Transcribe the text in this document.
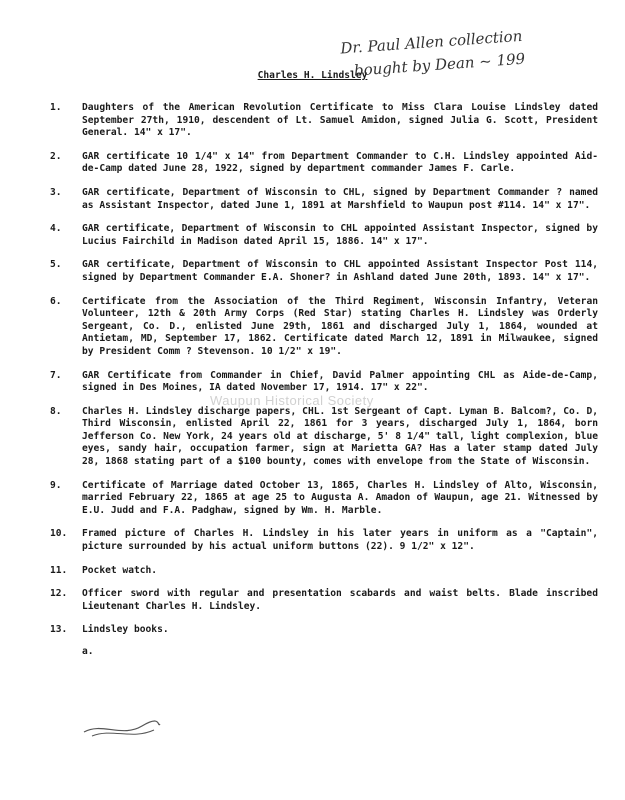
Dr. Paul Allen collection
bought by Dean ~ 199
Charles H. Lindsley
1.	Daughters of the American Revolution Certificate to Miss Clara Louise Lindsley dated September 27th, 1910, descendent of Lt. Samuel Amidon, signed Julia G. Scott, President General. 14" x 17".
2.	GAR certificate 10 1/4" x 14" from Department Commander to C.H. Lindsley appointed Aid-de-Camp dated June 28, 1922, signed by department commander James F. Carle.
3.	GAR certificate, Department of Wisconsin to CHL, signed by Department Commander ? named as Assistant Inspector, dated June 1, 1891 at Marshfield to Waupun post #114. 14" x 17".
4.	GAR certificate, Department of Wisconsin to CHL appointed Assistant Inspector, signed by Lucius Fairchild in Madison dated April 15, 1886. 14" x 17".
5.	GAR certificate, Department of Wisconsin to CHL appointed Assistant Inspector Post 114, signed by Department Commander E.A. Shoner? in Ashland dated June 20th, 1893. 14" x 17".
6.	Certificate from the Association of the Third Regiment, Wisconsin Infantry, Veteran Volunteer, 12th & 20th Army Corps (Red Star) stating Charles H. Lindsley was Orderly Sergeant, Co. D., enlisted June 29th, 1861 and discharged July 1, 1864, wounded at Antietam, MD, September 17, 1862. Certificate dated March 12, 1891 in Milwaukee, signed by President Comm ? Stevenson. 10 1/2" x 19".
7.	GAR Certificate from Commander in Chief, David Palmer appointing CHL as Aide-de-Camp, signed in Des Moines, IA dated November 17, 1914. 17" x 22".
8.	Charles H. Lindsley discharge papers, CHL. 1st Sergeant of Capt. Lyman B. Balcom?, Co. D, Third Wisconsin, enlisted April 22, 1861 for 3 years, discharged July 1, 1864, born Jefferson Co. New York, 24 years old at discharge, 5' 8 1/4" tall, light complexion, blue eyes, sandy hair, occupation farmer, sign at Marietta GA? Has a later stamp dated July 28, 1868 stating part of a $100 bounty, comes with envelope from the State of Wisconsin.
9.	Certificate of Marriage dated October 13, 1865, Charles H. Lindsley of Alto, Wisconsin, married February 22, 1865 at age 25 to Augusta A. Amadon of Waupun, age 21. Witnessed by E.U. Judd and F.A. Padghaw, signed by Wm. H. Marble.
10.	Framed picture of Charles H. Lindsley in his later years in uniform as a "Captain", picture surrounded by his actual uniform buttons (22). 9 1/2" x 12".
11.	Pocket watch.
12.	Officer sword with regular and presentation scabards and waist belts. Blade inscribed Lieutenant Charles H. Lindsley.
13.	Lindsley books.
a.
Waupun Historical Society
